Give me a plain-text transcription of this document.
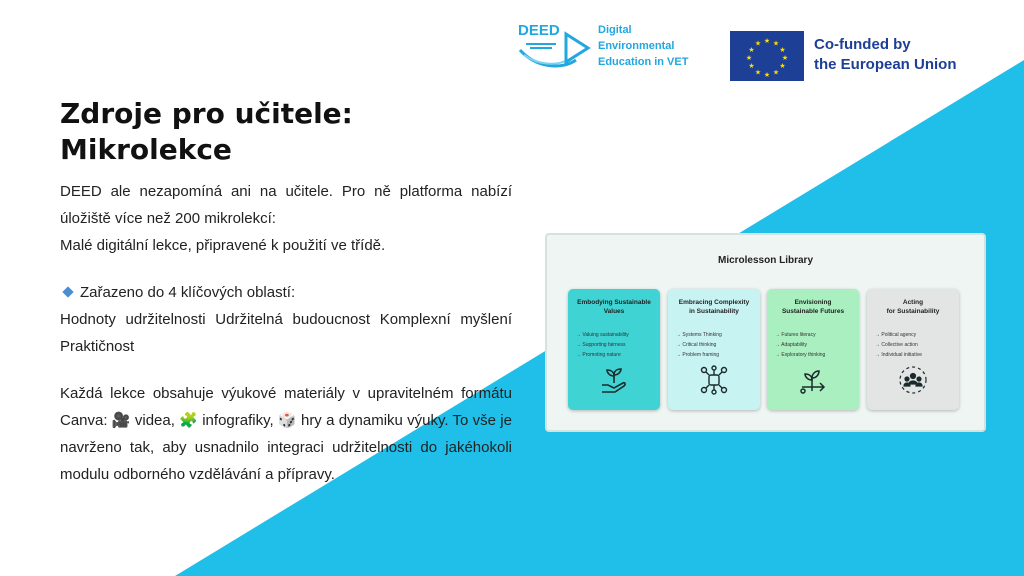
DEED	Digital
Environmental
Education in VET
★ ★
★
★
★
★
★
★
★
★
★
★	Co-funded by
the European Union
Zdroje pro učitele:
Mikrolekce

DEED ale nezapomíná ani na učitele. Pro ně platforma nabízí úložiště více než 200 mikrolekcí:

Malé digitální lekce, připravené k použití ve třídě.

Zařazeno do 4 klíčových oblastí:

Hodnoty udržitelnosti Udržitelná budoucnost Komplexní myšlení Praktičnost

Každá lekce obsahuje výukové materiály v upravitelném formátu Canva: 🎥 videa, 🧩 infografiky, 🎲 hry a dynamiku výuky. To vše je navrženo tak, aby usnadnilo integraci udržitelnosti do jakéhokoli modulu odborného vzdělávání a přípravy.

Microlesson Library
Embodying Sustainable
Values
→ Valuing sustainability
→ Supporting fairness
→ Promoting nature
Embracing Complexity
in Sustainability
→ Systems Thinking
→ Critical thinking
→ Problem framing
Envisioning
Sustainable Futures
→ Futures literacy
→ Adaptability
→ Exploratory thinking
Acting
for Sustainability
→ Political agency
→ Collective action
→ Individual initiative
